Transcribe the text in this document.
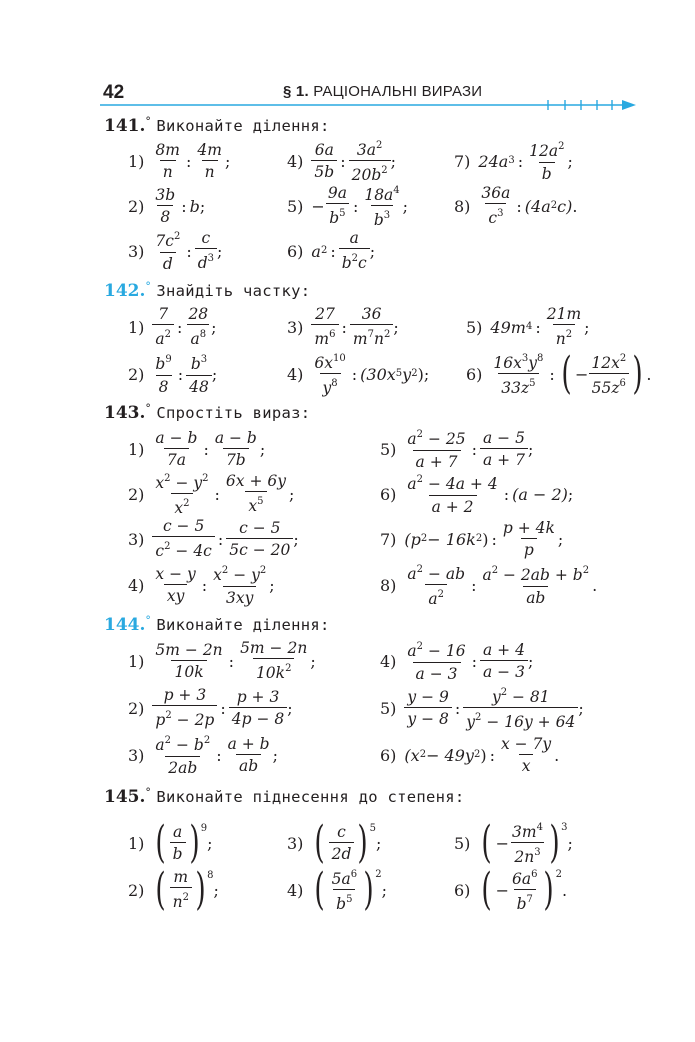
42	§ 1. РАЦІОНАЛЬНІ ВИРАЗИ
141.° Виконайте ділення:
1)
8m
n
:
4m
n
;	4)
6a
5b
:
$3a^2$
$20b^2$ ;	7) 24a 3 : $12a^2$
b
;
2)
3b
8
: b ;	$5) - \frac{9a}{b^5}$ :
$18a^4$
$b^3$ ;	8)
36a
$c^3$ : (4a 2 c) .
3) $7c^2$
d
:
c
$d^3$ ;	6) a 2 :
a
$b^2c$
;
142.° Знайдіть частку:
1)
7
$a^2$ :
28
$a^8$ ;	3)
27
$m^6$ :
36
$m^7n^2$ ;	5) 49m 4 :
21m
$n^2$ ;
2) $b^9$
8
: $b^3$
48
;	4)
$6x^{10}$
$y^8$ : (30x 5 y 2 ) ; 6)
$16x^3y^8$
$33z^5$ : ( − $\frac{12x^2}{55z^6}$ ) .
143.° Спростіть вираз:
1)
a − b
7a
:
a − b
7b
;	5) $a^2 - 25$
a + 7
:
a − 5
a + 7
;
2)
$x^2 - y^2$
$x^2$ :
6x + 6y
$x^5$ ;	6) $a^2 - 4a + 4$
a + 2
: (a − 2) ;
3)
c − 5
$c^2 - 4c$
:
c − 5
5c − 20
;	7) (p 2 − 16k 2 ) :
p + 4k
p
;
4)
x − y
xy
: $x^2 - y^2$
3xy
;	8)
$a^2$ − ab
$a^2$ : $a^2 - 2ab + b^2$
ab
.
144.° Виконайте ділення:
1)
5m − 2n
10k
:
5m − 2n
$10k^2$ ;	4) $a^2 - 16$
a − 3
:
a + 4
a − 3
;
2)
p + 3
$p^2 - 2p$
:
p + 3
4p − 8
;	5)
y − 9
y − 8
:
$y^2 - 81$
$y^2 - 16y + 64$
;
3) $a^2 - b^2$
2ab
:
a + b
ab
;	6) (x 2 − 49y 2 ) :
x − 7y
x
.
145.° Виконайте піднесення до степеня:
1) ( a
b ) 9
;	3) ( c
2d ) 5
;	5) ( − $\frac{3m^4}{2n^3}$ ) 3
;
2) ( m
$n^2$ ) 8
;	4) ( $5a^6$
$b^5$ ) 2
;	6) ( − $\frac{6a^6}{b^7}$ ) 2
.
